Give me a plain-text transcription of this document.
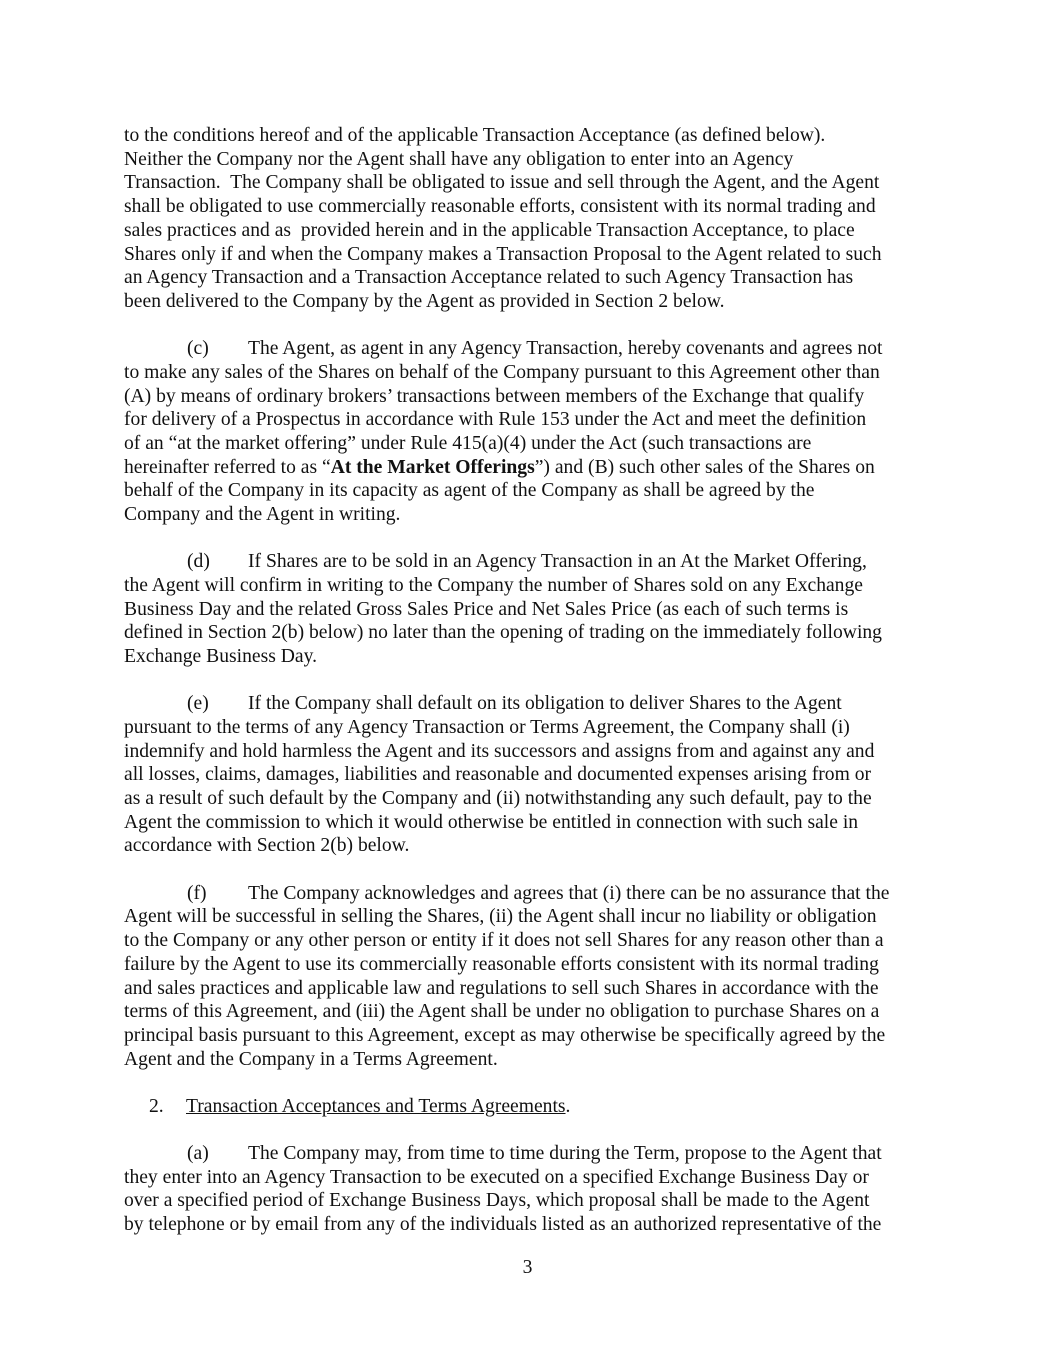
to the conditions hereof and of the applicable Transaction Acceptance (as defined below).
Neither the Company nor the Agent shall have any obligation to enter into an Agency
Transaction.  The Company shall be obligated to issue and sell through the Agent, and the Agent
shall be obligated to use commercially reasonable efforts, consistent with its normal trading and
sales practices and as  provided herein and in the applicable Transaction Acceptance, to place
Shares only if and when the Company makes a Transaction Proposal to the Agent related to such
an Agency Transaction and a Transaction Acceptance related to such Agency Transaction has
been delivered to the Company by the Agent as provided in Section 2 below.

(c) The Agent, as agent in any Agency Transaction, hereby covenants and agrees not
to make any sales of the Shares on behalf of the Company pursuant to this Agreement other than
(A) by means of ordinary brokers’ transactions between members of the Exchange that qualify
for delivery of a Prospectus in accordance with Rule 153 under the Act and meet the definition
of an “at the market offering” under Rule 415(a)(4) under the Act (such transactions are
hereinafter referred to as “At the Market Offerings”) and (B) such other sales of the Shares on
behalf of the Company in its capacity as agent of the Company as shall be agreed by the
Company and the Agent in writing.

(d) If Shares are to be sold in an Agency Transaction in an At the Market Offering,
the Agent will confirm in writing to the Company the number of Shares sold on any Exchange
Business Day and the related Gross Sales Price and Net Sales Price (as each of such terms is
defined in Section 2(b) below) no later than the opening of trading on the immediately following
Exchange Business Day.

(e) If the Company shall default on its obligation to deliver Shares to the Agent
pursuant to the terms of any Agency Transaction or Terms Agreement, the Company shall (i)
indemnify and hold harmless the Agent and its successors and assigns from and against any and
all losses, claims, damages, liabilities and reasonable and documented expenses arising from or
as a result of such default by the Company and (ii) notwithstanding any such default, pay to the
Agent the commission to which it would otherwise be entitled in connection with such sale in
accordance with Section 2(b) below.

(f) The Company acknowledges and agrees that (i) there can be no assurance that the
Agent will be successful in selling the Shares, (ii) the Agent shall incur no liability or obligation
to the Company or any other person or entity if it does not sell Shares for any reason other than a
failure by the Agent to use its commercially reasonable efforts consistent with its normal trading
and sales practices and applicable law and regulations to sell such Shares in accordance with the
terms of this Agreement, and (iii) the Agent shall be under no obligation to purchase Shares on a
principal basis pursuant to this Agreement, except as may otherwise be specifically agreed by the
Agent and the Company in a Terms Agreement.

2. Transaction Acceptances and Terms Agreements.

(a) The Company may, from time to time during the Term, propose to the Agent that
they enter into an Agency Transaction to be executed on a specified Exchange Business Day or
over a specified period of Exchange Business Days, which proposal shall be made to the Agent
by telephone or by email from any of the individuals listed as an authorized representative of the

3
